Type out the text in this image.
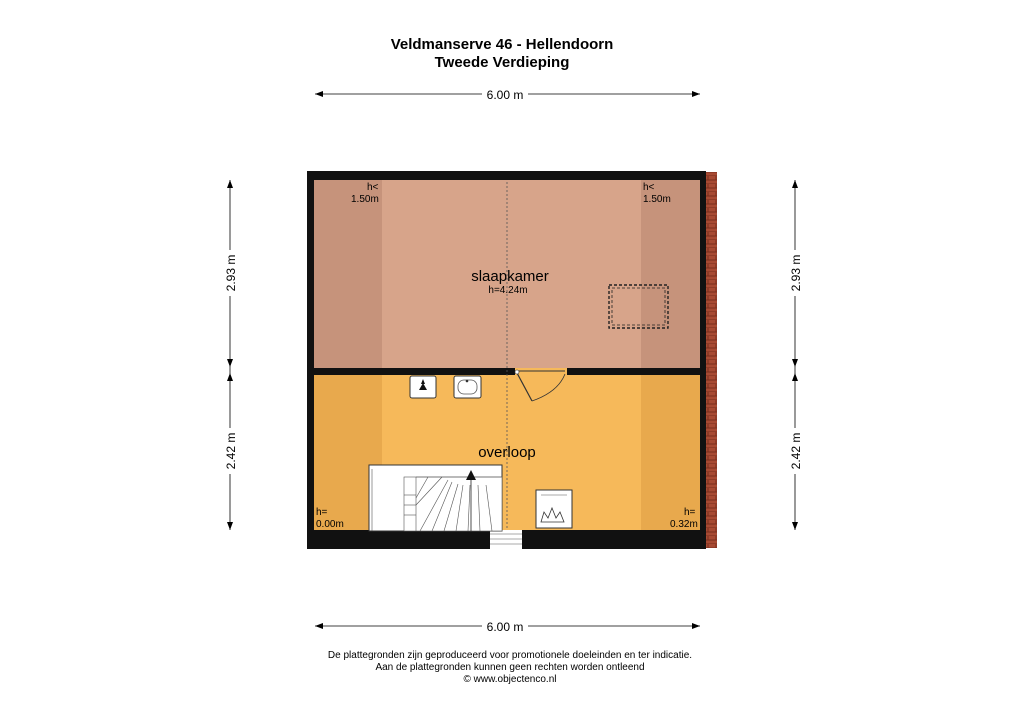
Veldmanserve 46 - Hellendoorn
Tweede Verdieping
6.00 m
6.00 m
2.93 m
2.42 m
2.93 m
2.42 m
slaapkamer
h=4.24m
overloop
h<
1.50m
h<
1.50m
h=
0.00m
h=
0.32m
De plattegronden zijn geproduceerd voor promotionele doeleinden en ter indicatie.
Aan de plattegronden kunnen geen rechten worden ontleend
© www.objectenco.nl
